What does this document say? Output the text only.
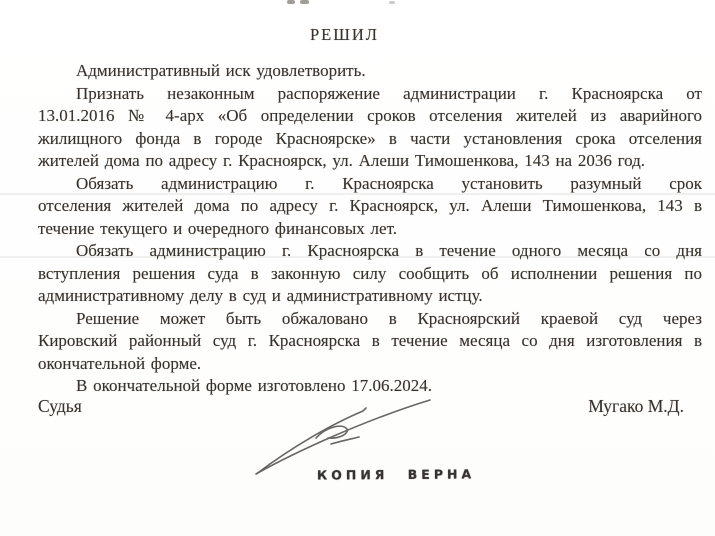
РЕШИЛ
Административный иск удовлетворить.
Признать незаконным распоряжение администрации г. Красноярска от
13.01.2016 № 4-арх «Об определении сроков отселения жителей из аварийного
жилищного фонда в городе Красноярске» в части установления срока отселения
жителей дома по адресу г. Красноярск, ул. Алеши Тимошенкова, 143 на 2036 год.
Обязать администрацию г. Красноярска установить разумный срок
отселения жителей дома по адресу г. Красноярск, ул. Алеши Тимошенкова, 143 в
течение текущего и очередного финансовых лет.
Обязать администрацию г. Красноярска в течение одного месяца со дня
вступления решения суда в законную силу сообщить об исполнении решения по
административному делу в суд и административному истцу.
Решение может быть обжаловано в Красноярский краевой суд через
Кировский районный суд г. Красноярска в течение месяца со дня изготовления в
окончательной форме.
В окончательной форме изготовлено 17.06.2024.
Судья	Мугако М.Д.
КОПИЯ ВЕРНА
